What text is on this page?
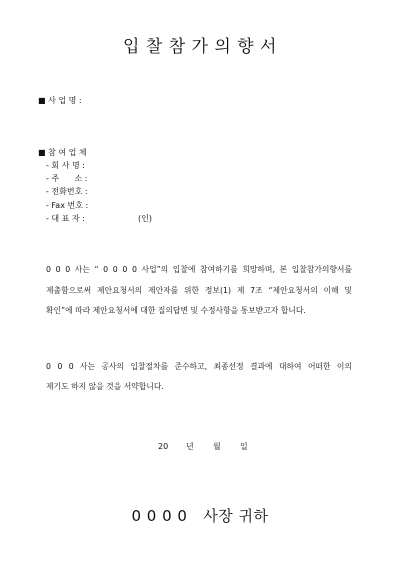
입 찰 참 가 의 향 서
■ 사 업 명 :
■ 참 여 업 체
- 회 사 명 :
- 주      소 :
- 전화번호 :
- Fax 번호 :
- 대 표 자 :	(인)
0 0 0 사는 “ 0 0 0 0 사업”의 입찰에 참여하기를 희망하며, 본 입찰참가의향서를
제출함으로써 제안요청서의 제안자를 위한 정보(1) 제 7조 “제안요청서의 이해 및
확인”에 따라 제안요청서에 대한 질의답변 및 수정사항을 통보받고자 합니다.
0 0 0 사는 공사의 입찰절차를 준수하고, 최종선정 결과에 대하여 어떠한 이의
제기도 하지 않을 것을 서약합니다.
20 년 월 일
0 0 0 0   사장 귀하
